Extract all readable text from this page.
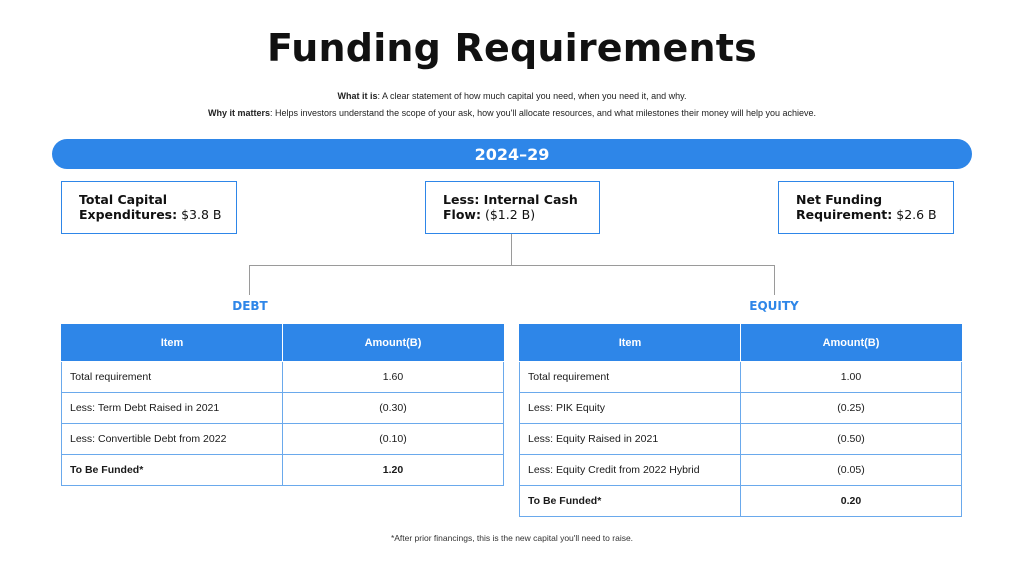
Funding Requirements
What it is: A clear statement of how much capital you need, when you need it, and why.
Why it matters: Helps investors understand the scope of your ask, how you'll allocate resources, and what milestones their money will help you achieve.
2024–29
Total Capital Expenditures: $3.8 B
Less: Internal Cash Flow: ($1.2 B)
Net Funding Requirement: $2.6 B
DEBT	EQUITY
Item	Amount(B)
Total requirement	1.60
Less: Term Debt Raised in 2021	(0.30)
Less: Convertible Debt from 2022	(0.10)
To Be Funded*	1.20
Item	Amount(B)
Total requirement	1.00
Less: PIK Equity	(0.25)
Less: Equity Raised in 2021	(0.50)
Less: Equity Credit from 2022 Hybrid	(0.05)
To Be Funded*	0.20
*After prior financings, this is the new capital you'll need to raise.
